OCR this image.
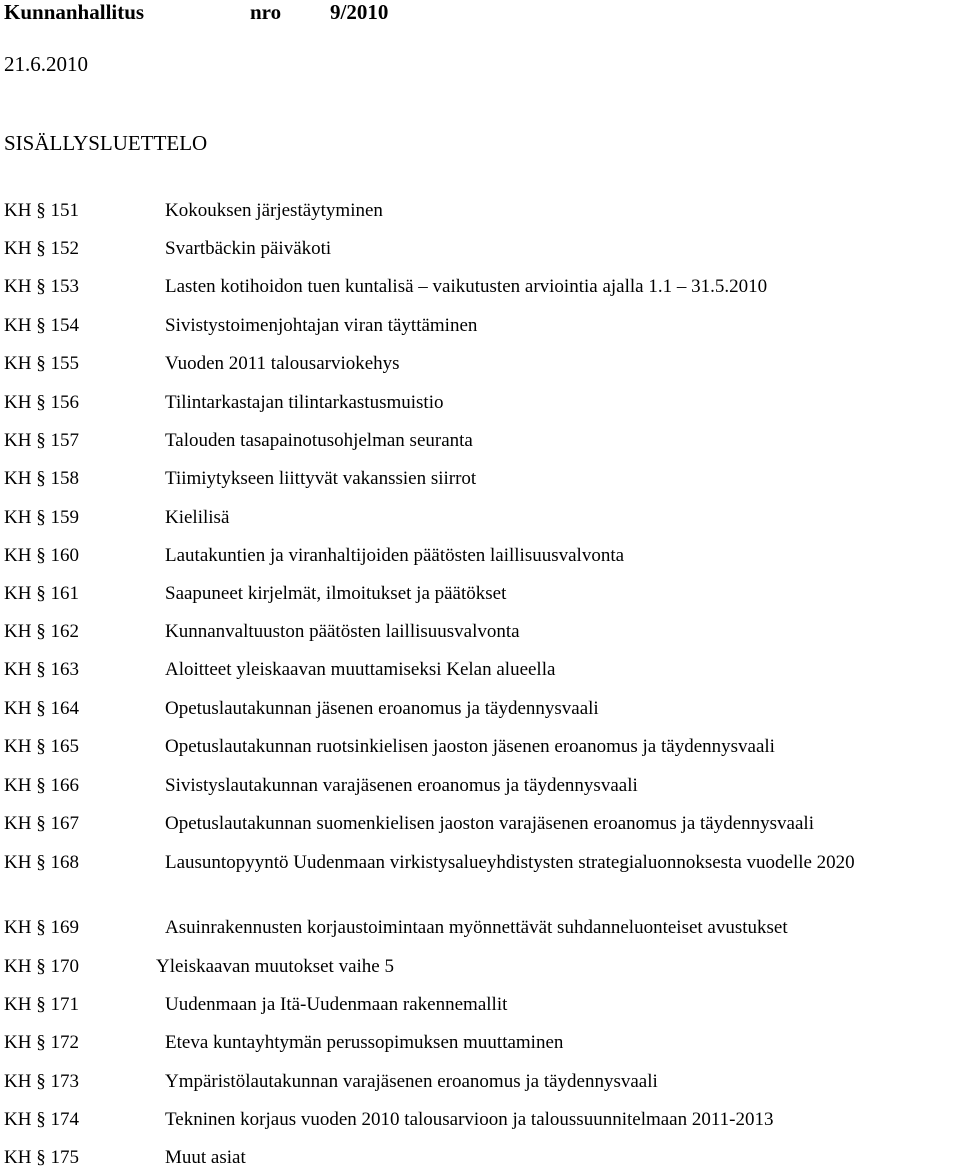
Kunnanhallitus	nro 9/2010
21.6.2010
SISÄLLYSLUETTELO
KH § 151	Kokouksen järjestäytyminen
KH § 152	Svartbäckin päiväkoti
KH § 153	Lasten kotihoidon tuen kuntalisä – vaikutusten arviointia ajalla 1.1 – 31.5.2010
KH § 154	Sivistystoimenjohtajan viran täyttäminen
KH § 155	Vuoden 2011 talousarviokehys
KH § 156	Tilintarkastajan tilintarkastusmuistio
KH § 157	Talouden tasapainotusohjelman seuranta
KH § 158	Tiimiytykseen liittyvät vakanssien siirrot
KH § 159	Kielilisä
KH § 160	Lautakuntien ja viranhaltijoiden päätösten laillisuusvalvonta
KH § 161	Saapuneet kirjelmät, ilmoitukset ja päätökset
KH § 162	Kunnanvaltuuston päätösten laillisuusvalvonta
KH § 163	Aloitteet yleiskaavan muuttamiseksi Kelan alueella
KH § 164	Opetuslautakunnan jäsenen eroanomus ja täydennysvaali
KH § 165	Opetuslautakunnan ruotsinkielisen jaoston jäsenen eroanomus ja täydennysvaali
KH § 166	Sivistyslautakunnan varajäsenen eroanomus ja täydennysvaali
KH § 167	Opetuslautakunnan suomenkielisen jaoston varajäsenen eroanomus ja täydennysvaali
KH § 168	Lausuntopyyntö Uudenmaan virkistysalueyhdistysten strategialuonnoksesta vuodelle 2020
KH § 169	Asuinrakennusten korjaustoimintaan myönnettävät suhdanneluonteiset avustukset
KH § 170	Yleiskaavan muutokset vaihe 5
KH § 171	Uudenmaan ja Itä-Uudenmaan rakennemallit
KH § 172	Eteva kuntayhtymän perussopimuksen muuttaminen
KH § 173	Ympäristölautakunnan varajäsenen eroanomus ja täydennysvaali
KH § 174	Tekninen korjaus vuoden 2010 talousarvioon ja taloussuunnitelmaan 2011-2013
KH § 175	Muut asiat
